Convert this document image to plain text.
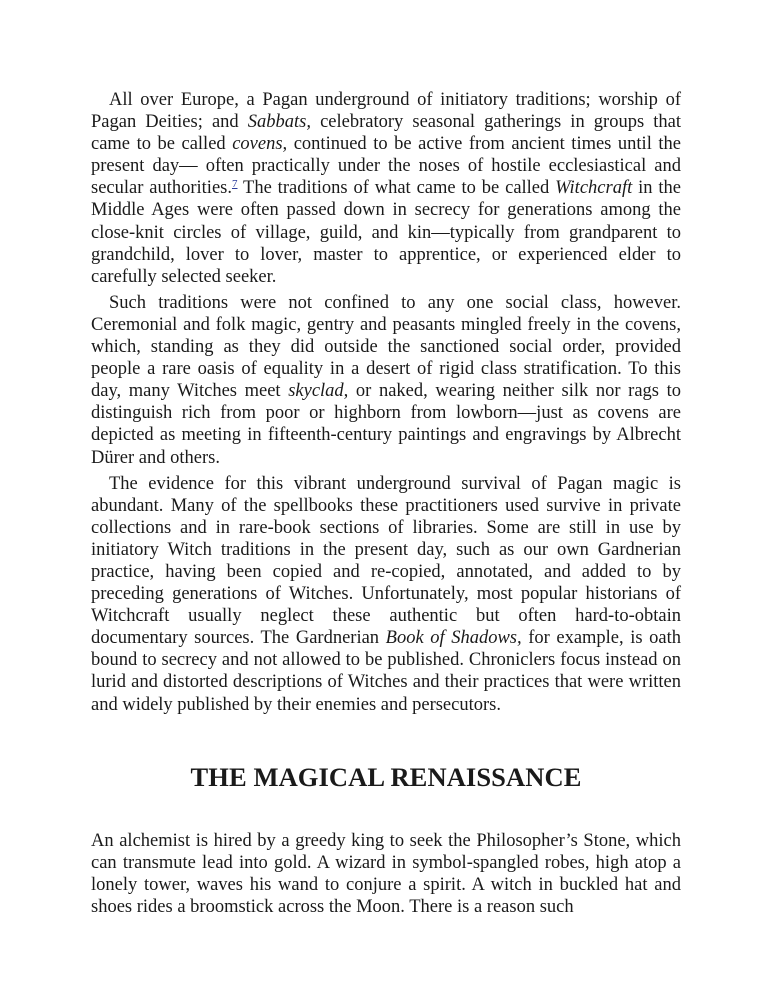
All over Europe, a Pagan underground of initiatory traditions; worship of Pagan Deities; and Sabbats, celebratory seasonal gatherings in groups that came to be called covens, continued to be active from ancient times until the present day— often practically under the noses of hostile ecclesiastical and secular authorities.$^7$ The traditions of what came to be called Witchcraft in the Middle Ages were often passed down in secrecy for generations among the close-knit circles of village, guild, and kin—typically from grandparent to grandchild, lover to lover, master to apprentice, or experienced elder to carefully selected seeker.

Such traditions were not confined to any one social class, however. Ceremonial and folk magic, gentry and peasants mingled freely in the covens, which, standing as they did outside the sanctioned social order, provided people a rare oasis of equality in a desert of rigid class stratification. To this day, many Witches meet skyclad, or naked, wearing neither silk nor rags to distinguish rich from poor or highborn from lowborn—just as covens are depicted as meeting in fifteenth-century paintings and engravings by Albrecht Dürer and others.

The evidence for this vibrant underground survival of Pagan magic is abundant. Many of the spellbooks these practitioners used survive in private collections and in rare-book sections of libraries. Some are still in use by initiatory Witch traditions in the present day, such as our own Gardnerian practice, having been copied and re-copied, annotated, and added to by preceding generations of Witches. Unfortunately, most popular historians of Witchcraft usually neglect these authentic but often hard-to-obtain documentary sources. The Gardnerian Book of Shadows, for example, is oath bound to secrecy and not allowed to be published. Chroniclers focus instead on lurid and distorted descriptions of Witches and their practices that were written and widely published by their enemies and persecutors.

THE MAGICAL RENAISSANCE

An alchemist is hired by a greedy king to seek the Philosopher’s Stone, which can transmute lead into gold. A wizard in symbol-spangled robes, high atop a lonely tower, waves his wand to conjure a spirit. A witch in buckled hat and shoes rides a broomstick across the Moon. There is a reason such
